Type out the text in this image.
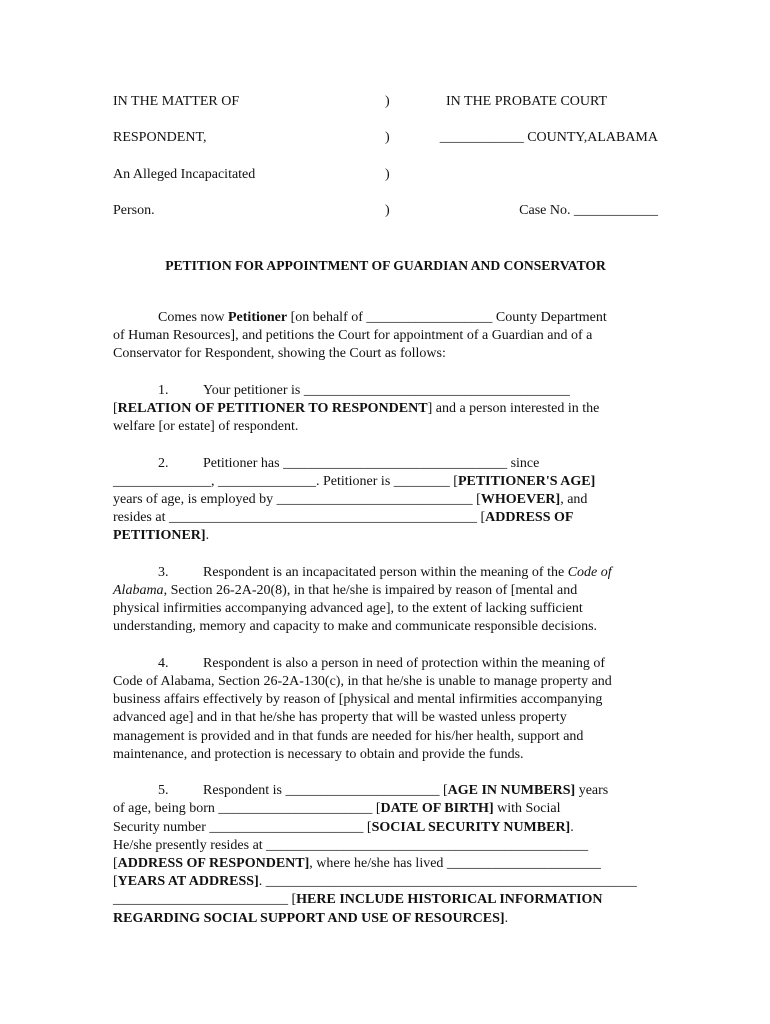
IN THE MATTER OF	)	IN THE PROBATE COURT
RESPONDENT,	)	____________ COUNTY,ALABAMA
An Alleged Incapacitated	)
Person.	)	Case No. ____________
PETITION FOR APPOINTMENT OF GUARDIAN AND CONSERVATOR

Comes now Petitioner [on behalf of __________________ County Department
of Human Resources], and petitions the Court for appointment of a Guardian and of a
Conservator for Respondent, showing the Court as follows:

1. Your petitioner is ______________________________________
[RELATION OF PETITIONER TO RESPONDENT] and a person interested in the
welfare [or estate] of respondent.

2. Petitioner has ________________________________ since
______________, ______________. Petitioner is ________ [PETITIONER'S AGE]
years of age, is employed by ____________________________ [WHOEVER], and
resides at ____________________________________________ [ADDRESS OF
PETITIONER].

3. Respondent is an incapacitated person within the meaning of the Code of
Alabama, Section 26-2A-20(8), in that he/she is impaired by reason of [mental and
physical infirmities accompanying advanced age], to the extent of lacking sufficient
understanding, memory and capacity to make and communicate responsible decisions.

4. Respondent is also a person in need of protection within the meaning of
Code of Alabama, Section 26-2A-130(c), in that he/she is unable to manage property and
business affairs effectively by reason of [physical and mental infirmities accompanying
advanced age] and in that he/she has property that will be wasted unless property
management is provided and in that funds are needed for his/her health, support and
maintenance, and protection is necessary to obtain and provide the funds.

5. Respondent is ______________________ [AGE IN NUMBERS] years
of age, being born ______________________ [DATE OF BIRTH] with Social
Security number ______________________ [SOCIAL SECURITY NUMBER].
He/she presently resides at ______________________________________________
[ADDRESS OF RESPONDENT], where he/she has lived ______________________
[YEARS AT ADDRESS]. _____________________________________________________
_________________________ [HERE INCLUDE HISTORICAL INFORMATION
REGARDING SOCIAL SUPPORT AND USE OF RESOURCES].
